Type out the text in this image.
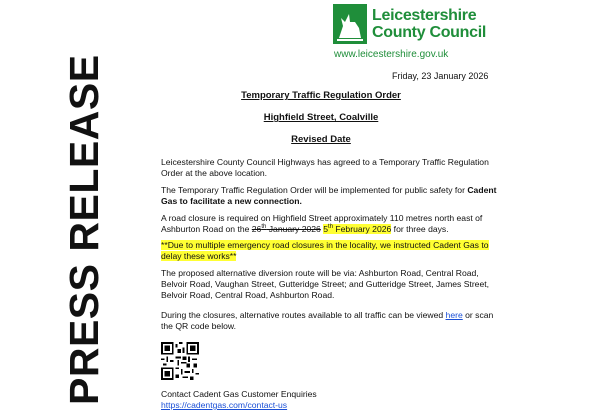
PRESS RELEASE
Leicestershire
County Council
www.leicestershire.gov.uk
Friday, 23 January 2026
Temporary Traffic Regulation Order
Highfield Street, Coalville
Revised Date
Leicestershire County Council Highways has agreed to a Temporary Traffic Regulation Order at the above location.
The Temporary Traffic Regulation Order will be implemented for public safety for Cadent Gas to facilitate a new connection.
A road closure is required on Highfield Street approximately 110 metres north east of Ashburton Road on the 26th January 2026 5th February 2026 for three days.
**Due to multiple emergency road closures in the locality, we instructed Cadent Gas to delay these works**
The proposed alternative diversion route will be via: Ashburton Road, Central Road, Belvoir Road, Vaughan Street, Gutteridge Street; and Gutteridge Street, James Street, Belvoir Road, Central Road, Ashburton Road.
During the closures, alternative routes available to all traffic can be viewed here or scan the QR code below.
Contact Cadent Gas Customer Enquiries
https://cadentgas.com/contact-us
